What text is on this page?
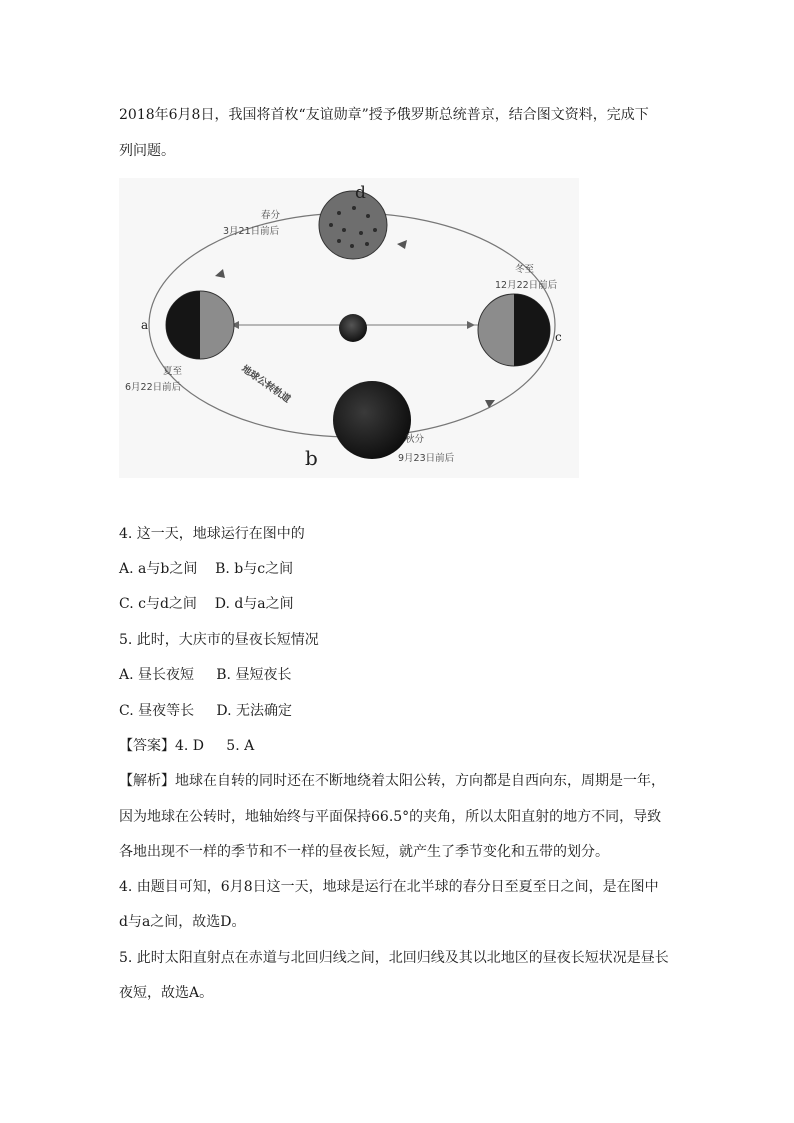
2018年6月8日，我国将首枚“友谊勋章”授予俄罗斯总统普京，结合图文资料，完成下
列问题。
d
春分
3月21日前后
a
夏至
6月22日前后
c
冬至
12月22日前后
b
秋分
9月23日前后
地球公转轨道
4. 这一天，地球运行在图中的
A. a与b之间    B. b与c之间
C. c与d之间    D. d与a之间
5. 此时，大庆市的昼夜长短情况
A. 昼长夜短     B. 昼短夜长
C. 昼夜等长     D. 无法确定
【答案】4. D     5. A
【解析】地球在自转的同时还在不断地绕着太阳公转，方向都是自西向东，周期是一年，
因为地球在公转时，地轴始终与平面保持66.5°的夹角，所以太阳直射的地方不同，导致
各地出现不一样的季节和不一样的昼夜长短，就产生了季节变化和五带的划分。
4. 由题目可知，6月8日这一天，地球是运行在北半球的春分日至夏至日之间，是在图中
d与a之间，故选D。
5. 此时太阳直射点在赤道与北回归线之间，北回归线及其以北地区的昼夜长短状况是昼长
夜短，故选A。
